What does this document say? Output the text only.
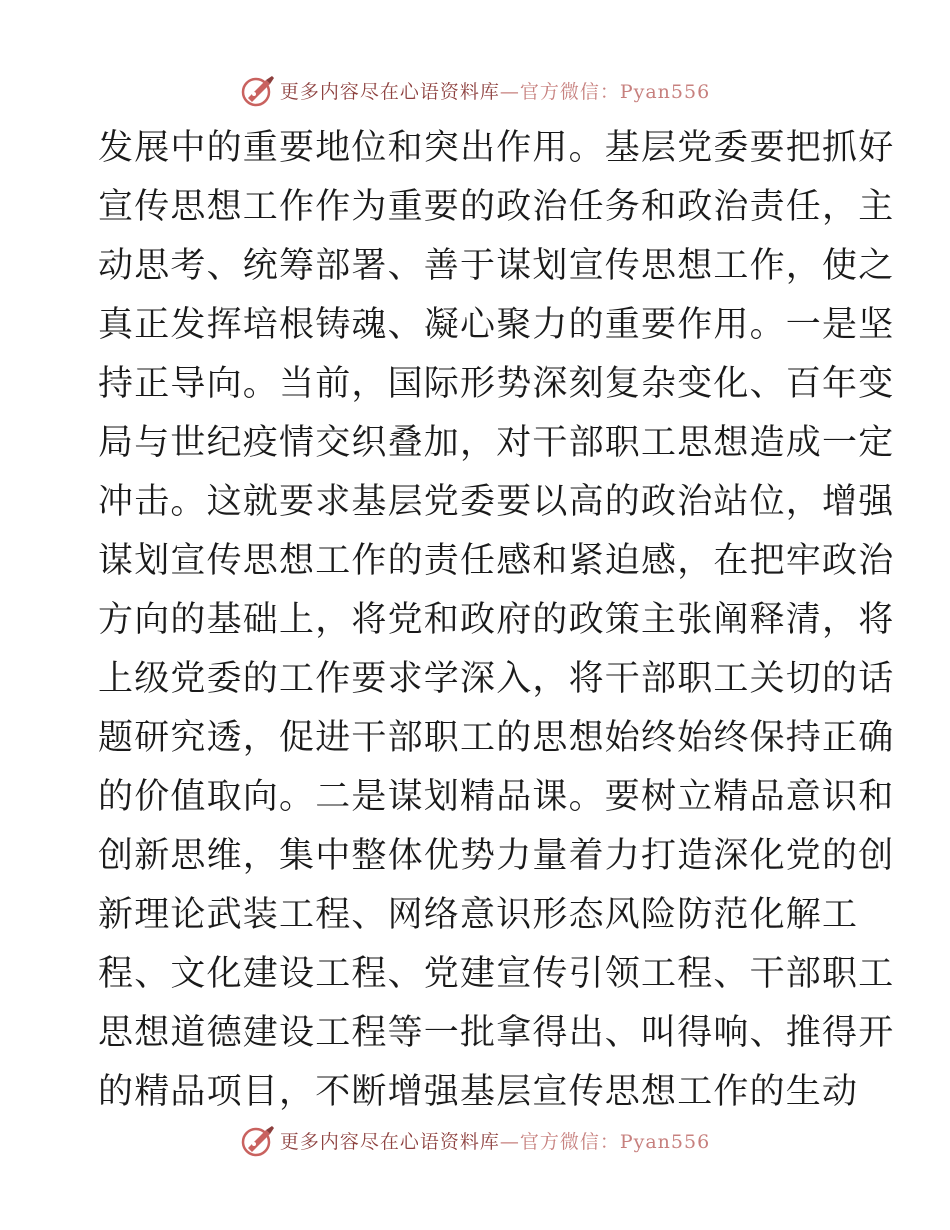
更多内容尽在心语资料库—官方微信：Pyan556
发展中的重要地位和突出作用。基层党委要把抓好
宣传思想工作作为重要的政治任务和政治责任，主
动思考、统筹部署、善于谋划宣传思想工作，使之
真正发挥培根铸魂、凝心聚力的重要作用。一是坚
持正导向。当前，国际形势深刻复杂变化、百年变
局与世纪疫情交织叠加，对干部职工思想造成一定
冲击。这就要求基层党委要以高的政治站位，增强
谋划宣传思想工作的责任感和紧迫感，在把牢政治
方向的基础上，将党和政府的政策主张阐释清，将
上级党委的工作要求学深入，将干部职工关切的话
题研究透，促进干部职工的思想始终始终保持正确
的价值取向。二是谋划精品课。要树立精品意识和
创新思维，集中整体优势力量着力打造深化党的创
新理论武装工程、网络意识形态风险防范化解工
程、文化建设工程、党建宣传引领工程、干部职工
思想道德建设工程等一批拿得出、叫得响、推得开
的精品项目，不断增强基层宣传思想工作的生动
更多内容尽在心语资料库—官方微信：Pyan556
